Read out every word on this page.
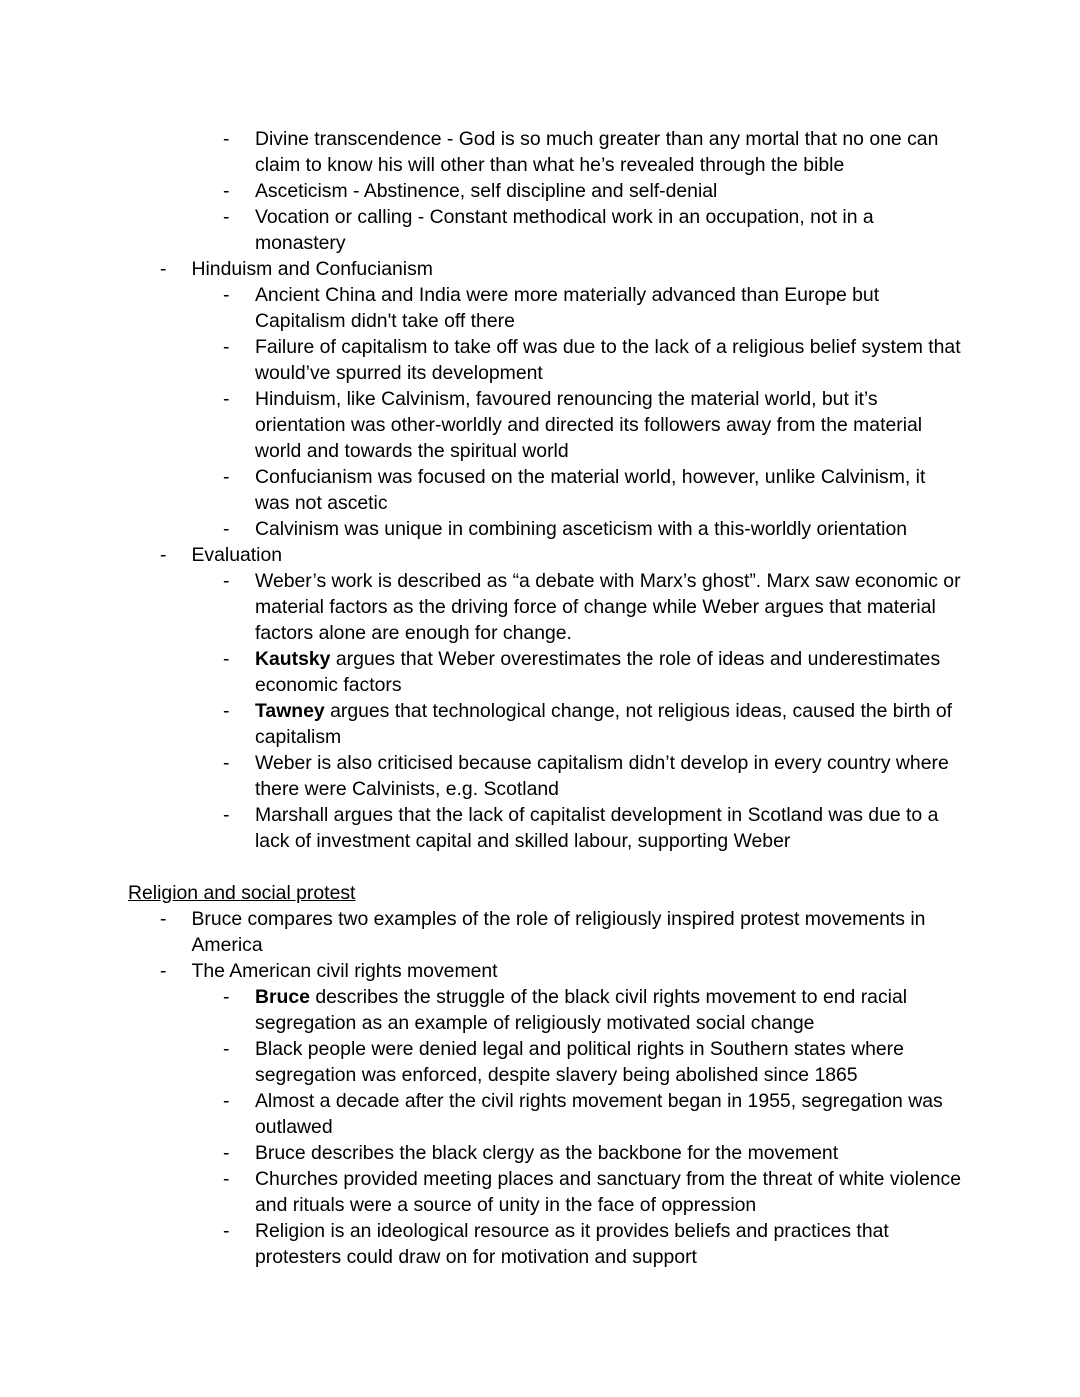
- Divine transcendence - God is so much greater than any mortal that no one can claim to know his will other than what he’s revealed through the bible
- Asceticism - Abstinence, self discipline and self-denial
- Vocation or calling - Constant methodical work in an occupation, not in a monastery
- Hinduism and Confucianism
- Ancient China and India were more materially advanced than Europe but Capitalism didn't take off there
- Failure of capitalism to take off was due to the lack of a religious belief system that would’ve spurred its development
- Hinduism, like Calvinism, favoured renouncing the material world, but it’s orientation was other-worldly and directed its followers away from the material world and towards the spiritual world
- Confucianism was focused on the material world, however, unlike Calvinism, it was not ascetic
- Calvinism was unique in combining asceticism with a this-worldly orientation
- Evaluation
- Weber’s work is described as “a debate with Marx’s ghost”. Marx saw economic or material factors as the driving force of change while Weber argues that material factors alone are enough for change.
- Kautsky argues that Weber overestimates the role of ideas and underestimates economic factors
- Tawney argues that technological change, not religious ideas, caused the birth of capitalism
- Weber is also criticised because capitalism didn’t develop in every country where there were Calvinists, e.g. Scotland
- Marshall argues that the lack of capitalist development in Scotland was due to a lack of investment capital and skilled labour, supporting Weber
Religion and social protest
- Bruce compares two examples of the role of religiously inspired protest movements in America
- The American civil rights movement
- Bruce describes the struggle of the black civil rights movement to end racial segregation as an example of religiously motivated social change
- Black people were denied legal and political rights in Southern states where segregation was enforced, despite slavery being abolished since 1865
- Almost a decade after the civil rights movement began in 1955, segregation was outlawed
- Bruce describes the black clergy as the backbone for the movement
- Churches provided meeting places and sanctuary from the threat of white violence and rituals were a source of unity in the face of oppression
- Religion is an ideological resource as it provides beliefs and practices that protesters could draw on for motivation and support
